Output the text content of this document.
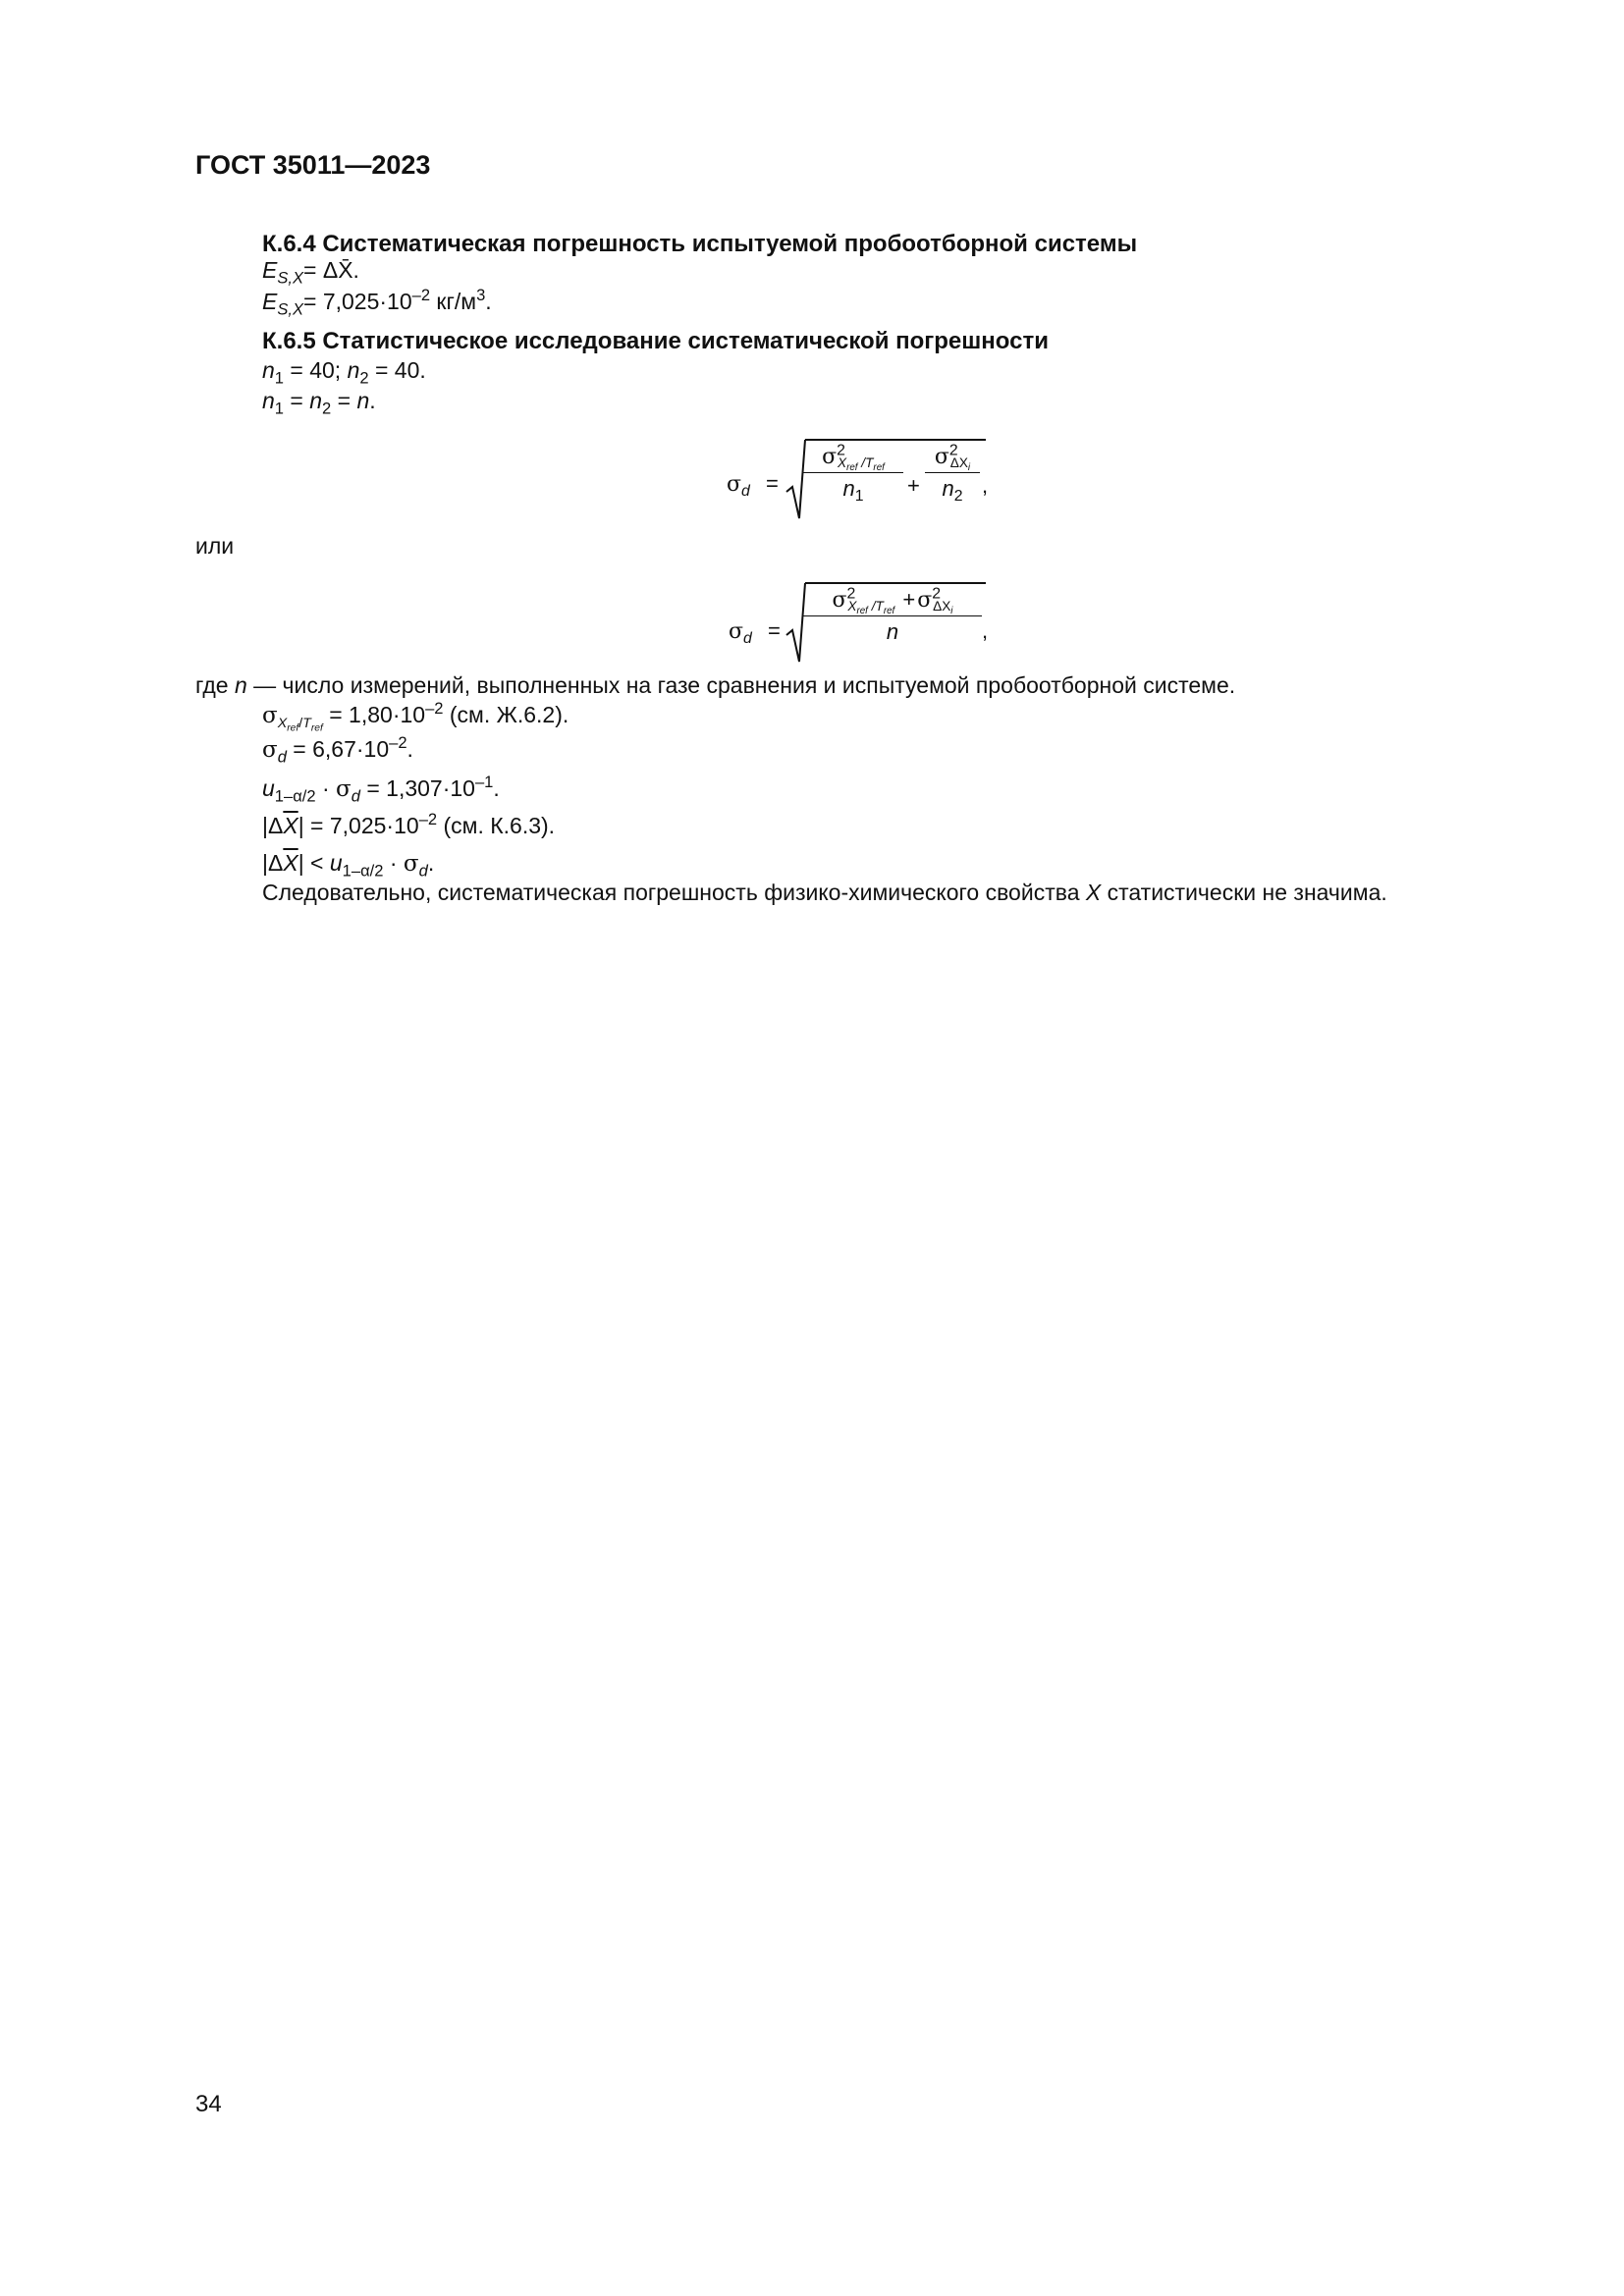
ГОСТ 35011—2023
К.6.4 Систематическая погрешность испытуемой пробоотборной системы
$E_{S,X}=$ ΔX̄.
$E_{S,X}= 7,025\cdot 10^{-2}$ $кг/м^3$.
К.6.5 Статистическое исследование систематической погрешности
$n_1 = 40$; $n_2 = 40$.
$n_1 = n_2 = n$.
$\sigma_d$ =
$\sigma^2_{X_{ref} /T_{ref}}$
$n_1$	+
$\sigma^2_{\Delta X_i}$
$n_2$ ,
или
$\sigma_d$ =
$\sigma^2_{X_{ref} /T_{ref}} +\sigma^2_{\Delta X_i}$
n	,
где n — число измерений, выполненных на газе сравнения и испытуемой пробоотборной системе.
$\sigma_{X_{ref}/T_{ref}} = 1,80\cdot 10^{-2}$ (см. Ж.6.2).
$\sigma_d = 6,67\cdot 10^{-2}$.
$u_{1-\alpha/2} \cdot \sigma_d = 1,307\cdot 10^{-1}$.
$|\Delta\overline{X}| = 7,025\cdot 10^{-2}$ (см. К.6.3).
$|\Delta\overline{X}| < u_{1-\alpha/2} \cdot \sigma_d$.
Следовательно, систематическая погрешность физико-химического свойства X статистически не значима.
34
